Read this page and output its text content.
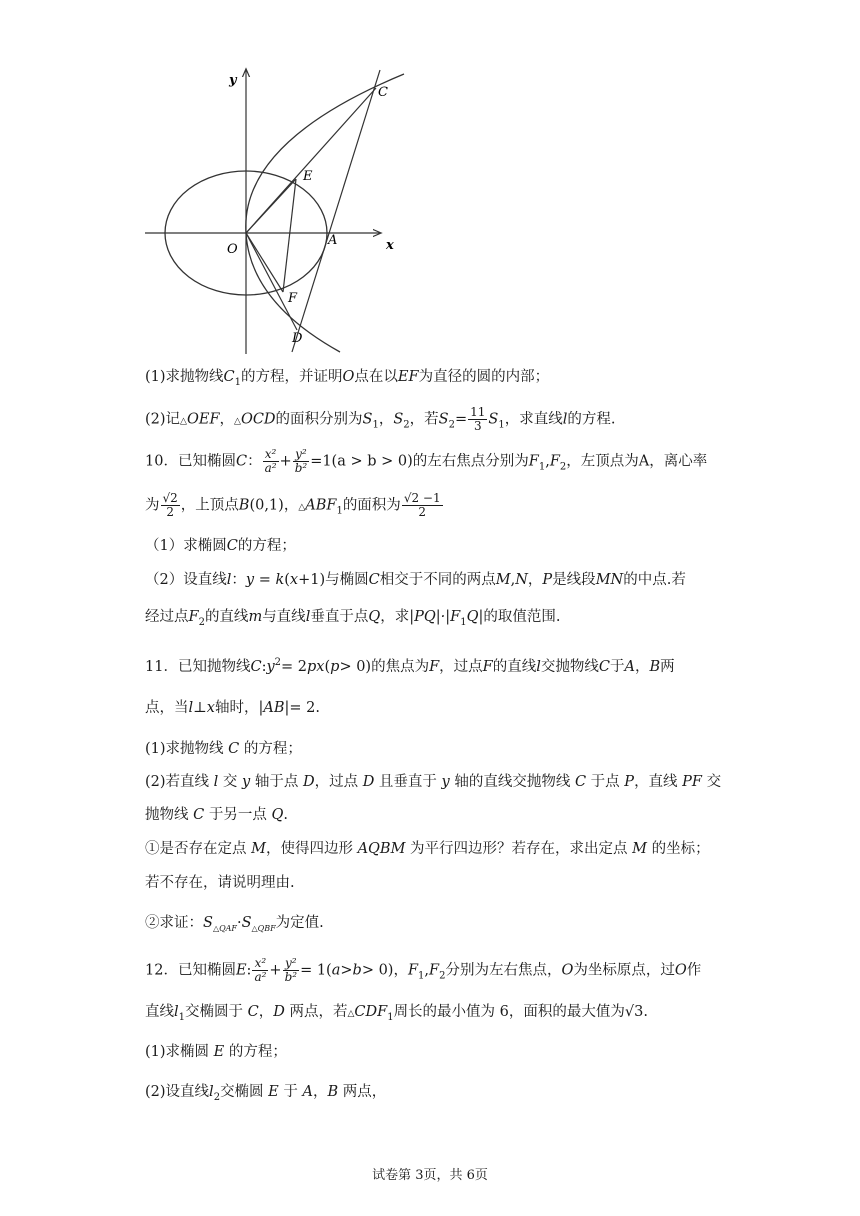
y
x
O
A
C
E
F
D
(1)求抛物线$C_1$的方程，并证明O点在以EF为直径的圆的内部；
(2)记△OEF，△OCD的面积分别为$S_1$，$S_2$，若$S_2= \frac{11}{3} S_1$，求直线l的方程.
10．已知椭圆C： $\frac{\text{x²}}{\text{a²}} + \frac{\text{y²}}{\text{b²}} =1(a > b > 0)$的左右焦点分别为$F_1,F_2$，左顶点为A，离心率
为 $\frac{√2}{2}$ ，上顶点B(0,1)，$\triangle ABF_1$的面积为 $\frac{√2 -1}{2}$
（1）求椭圆C的方程；
（2）设直线l：y = k(x+1)与椭圆C相交于不同的两点M,N，P是线段MN的中点.若
经过点$F_2$的直线m与直线l垂直于点Q，求$|PQ|\cdot|F_1Q|$的取值范围.
11．已知抛物线$C:y^2= 2px(p> 0)$的焦点为F，过点F的直线l交抛物线C于A，B两
点，当l⊥x轴时，|AB|= 2.
(1)求抛物线 C 的方程；
(2)若直线 l 交 y 轴于点 D，过点 D 且垂直于 y 轴的直线交抛物线 C 于点 P，直线 PF 交
抛物线 C 于另一点 Q.
①是否存在定点 M，使得四边形 AQBM 为平行四边形？若存在，求出定点 M 的坐标；
若不存在，请说明理由.
②求证：$S_{\triangle QAF}\cdot S_{\triangle QBF}$为定值.
12．已知椭圆E: $\frac{\text{x²}}{\text{a²}} + \frac{\text{y²}}{\text{b²}} = 1(a>b> 0)$，$F_1,F_2$分别为左右焦点，O为坐标原点，过O作
直线$l_1$交椭圆于 C，D 两点，若$\triangle CDF_1$周长的最小值为 6，面积的最大值为√3.
(1)求椭圆 E 的方程；
(2)设直线$l_2$交椭圆 E 于 A，B 两点，
试卷第 3页，共 6页
